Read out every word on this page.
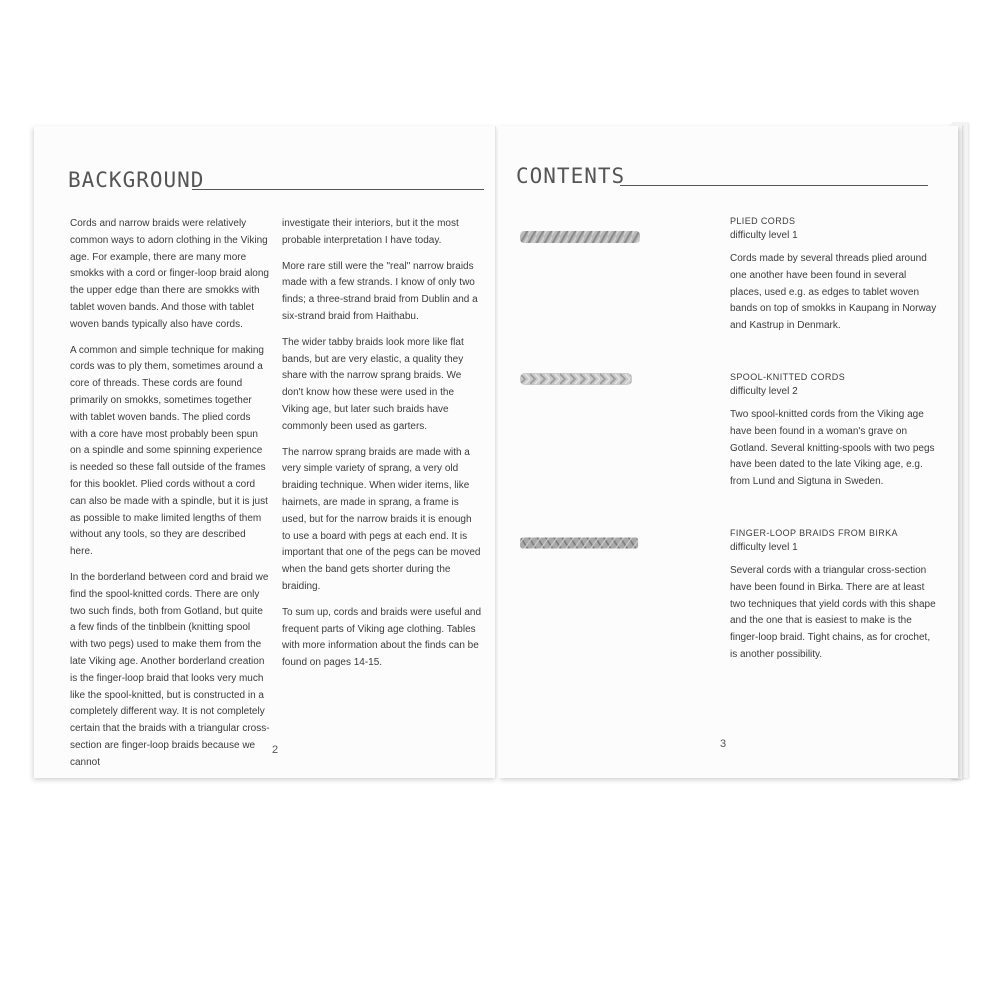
BACKGROUND

Cords and narrow braids were relatively common ways to adorn clothing in the Viking age. For example, there are many more smokks with a cord or finger-loop braid along the upper edge than there are smokks with tablet woven bands. And those with tablet woven bands typically also have cords.

A common and simple technique for making cords was to ply them, sometimes around a core of threads. These cords are found primarily on smokks, sometimes together with tablet woven bands. The plied cords with a core have most probably been spun on a spindle and some spinning experience is needed so these fall outside of the frames for this booklet. Plied cords without a cord can also be made with a spindle, but it is just as possible to make limited lengths of them without any tools, so they are described here.

In the borderland between cord and braid we find the spool-knitted cords. There are only two such finds, both from Gotland, but quite a few finds of the tinblbein (knitting spool with two pegs) used to make them from the late Viking age. Another borderland creation is the finger-loop braid that looks very much like the spool-knitted, but is constructed in a completely different way. It is not completely certain that the braids with a triangular cross-section are finger-loop braids because we cannot

investigate their interiors, but it the most probable interpretation I have today.

More rare still were the "real" narrow braids made with a few strands. I know of only two finds; a three-strand braid from Dublin and a six-strand braid from Haithabu.

The wider tabby braids look more like flat bands, but are very elastic, a quality they share with the narrow sprang braids. We don't know how these were used in the Viking age, but later such braids have commonly been used as garters.

The narrow sprang braids are made with a very simple variety of sprang, a very old braiding technique. When wider items, like hairnets, are made in sprang, a frame is used, but for the narrow braids it is enough to use a board with pegs at each end. It is important that one of the pegs can be moved when the band gets shorter during the braiding.

To sum up, cords and braids were useful and frequent parts of Viking age clothing. Tables with more information about the finds can be found on pages 14-15.

2
CONTENTS
PLIED CORDS
difficulty level 1

Cords made by several threads plied around one another have been found in several places, used e.g. as edges to tablet woven bands on top of smokks in Kaupang in Norway and Kastrup in Denmark.

SPOOL-KNITTED CORDS
difficulty level 2

Two spool-knitted cords from the Viking age have been found in a woman's grave on Gotland. Several knitting-spools with two pegs have been dated to the late Viking age, e.g. from Lund and Sigtuna in Sweden.

FINGER-LOOP BRAIDS FROM BIRKA
difficulty level 1

Several cords with a triangular cross-section have been found in Birka. There are at least two techniques that yield cords with this shape and the one that is easiest to make is the finger-loop braid. Tight chains, as for crochet, is another possibility.

3
